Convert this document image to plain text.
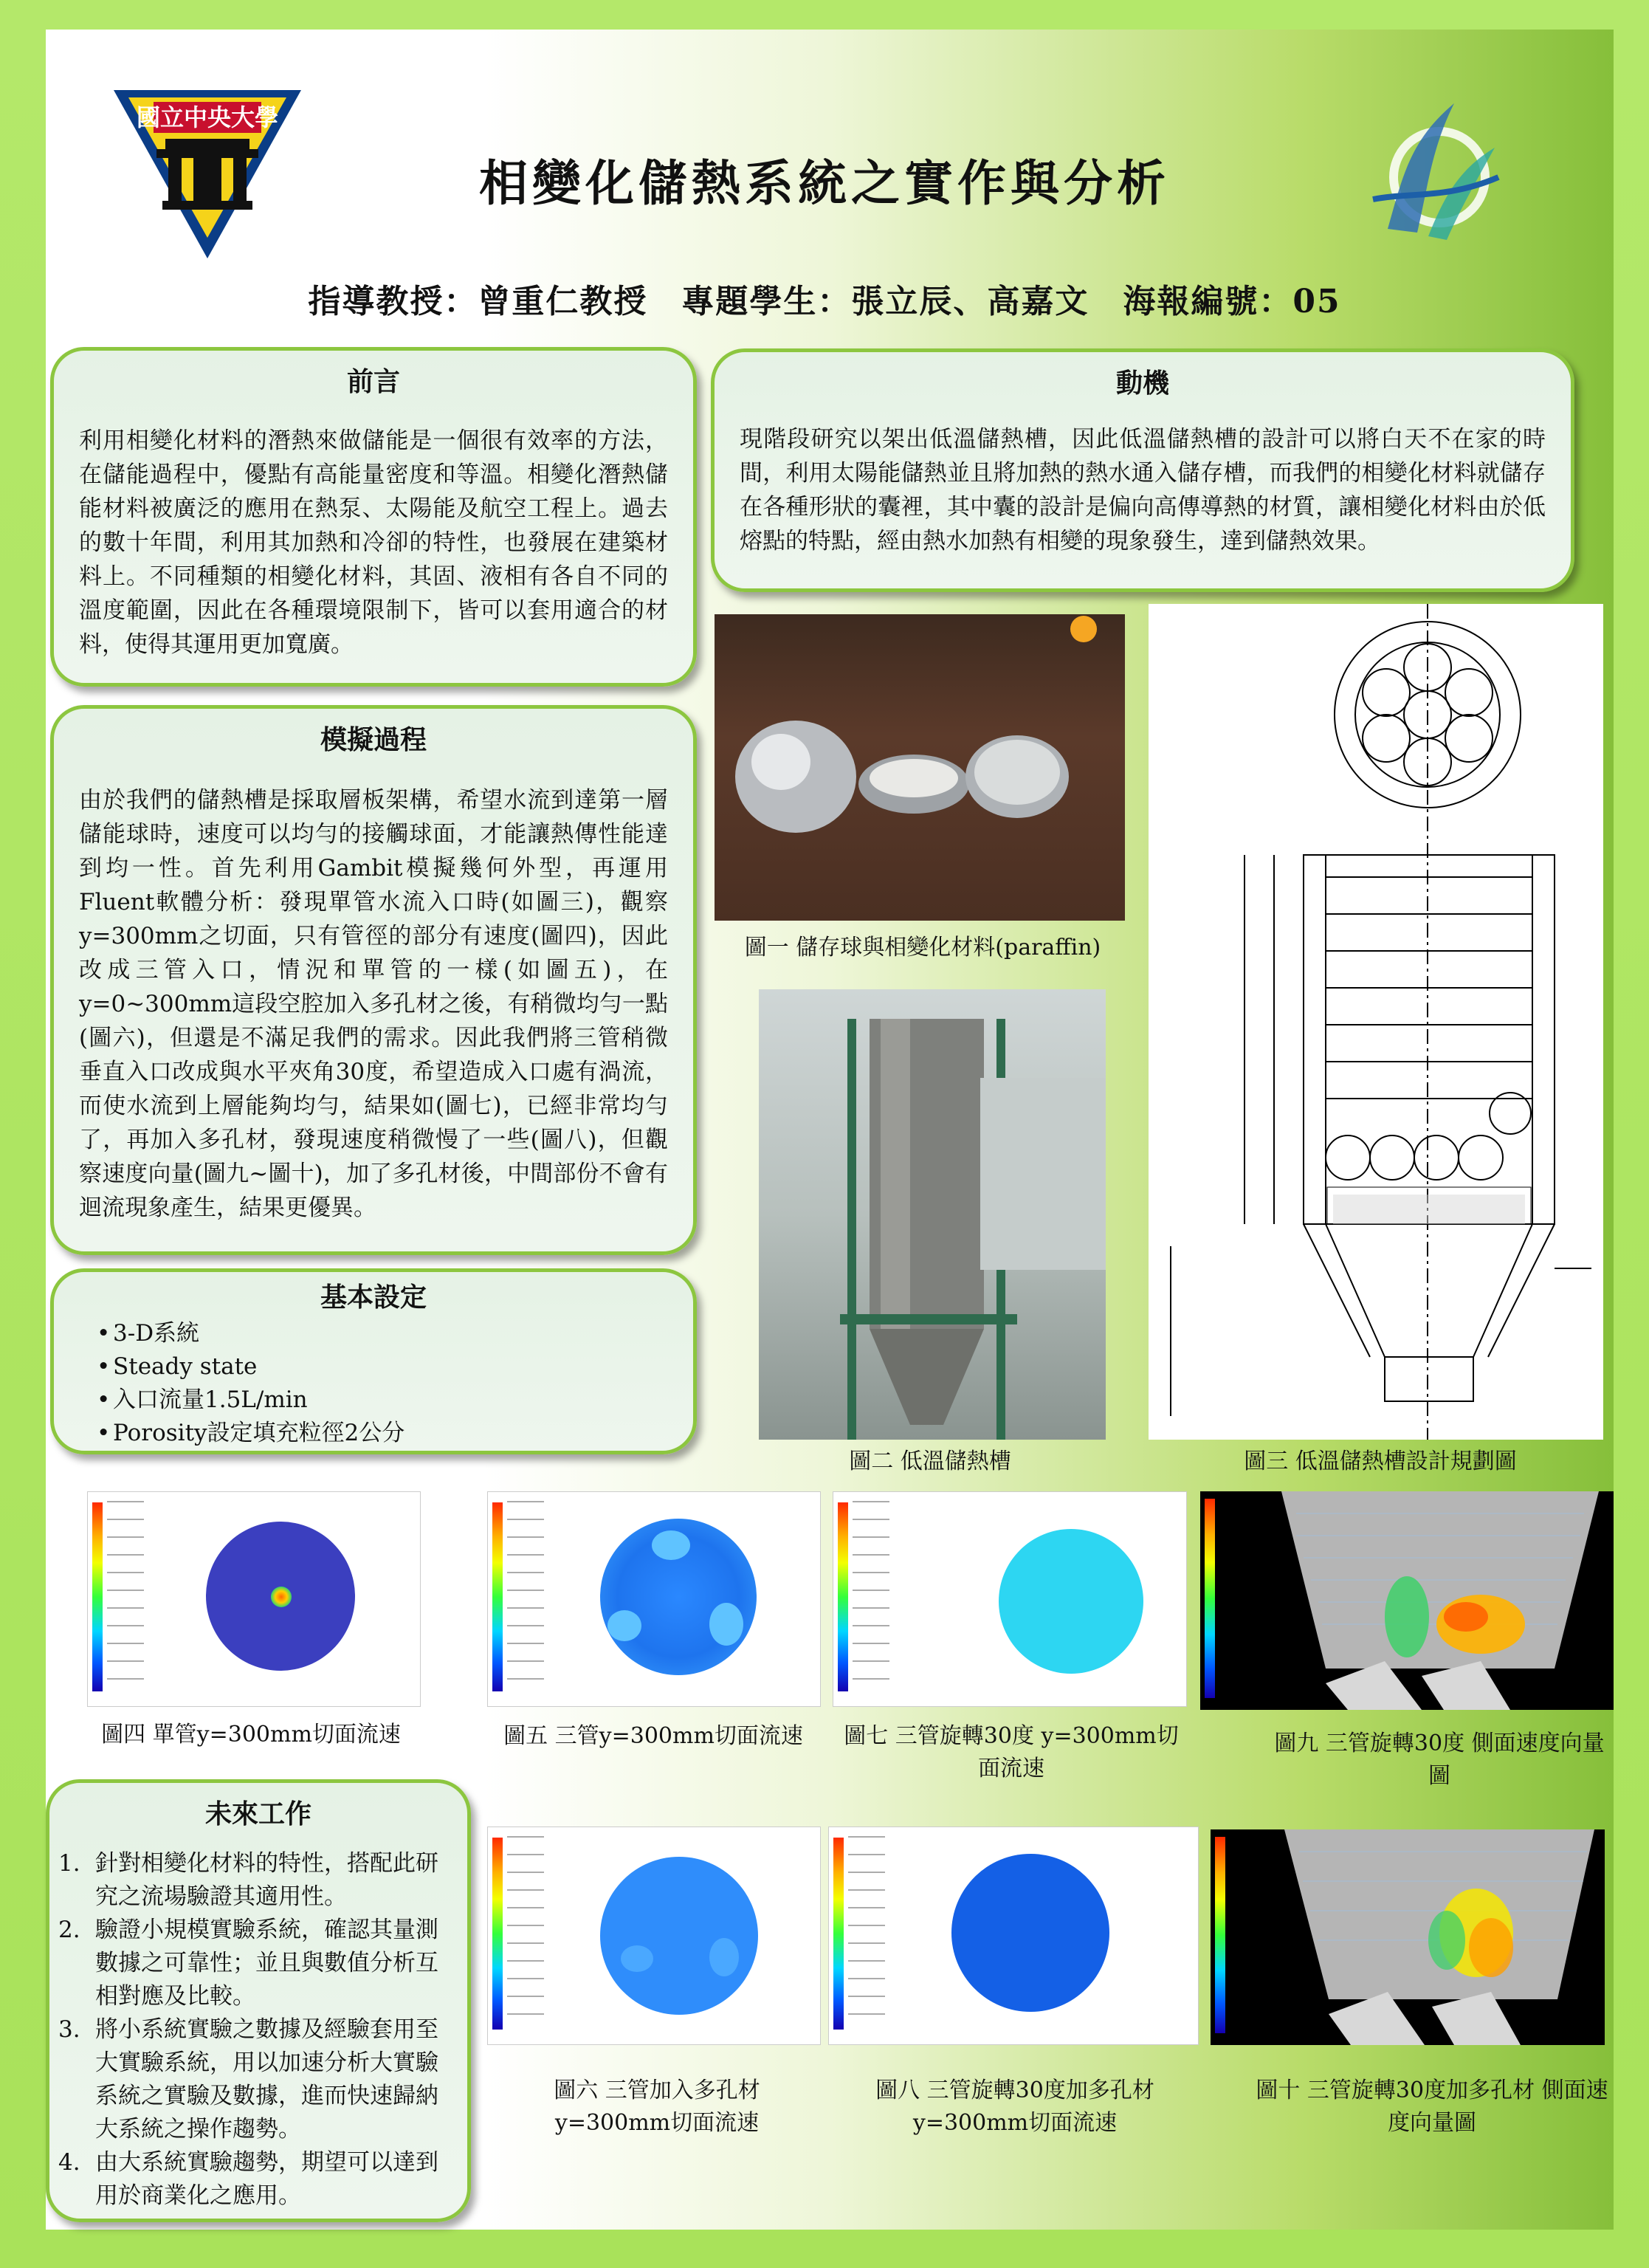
國立中央大學
相變化儲熱系統之實作與分析
指導教授：曾重仁教授　專題學生：張立辰、高嘉文　海報編號：05
前言
利用相變化材料的潛熱來做儲能是一個很有效率的方法，在儲能過程中，優點有高能量密度和等溫。相變化潛熱儲能材料被廣泛的應用在熱泵、太陽能及航空工程上。過去的數十年間，利用其加熱和冷卻的特性，也發展在建築材料上。不同種類的相變化材料，其固、液相有各自不同的溫度範圍，因此在各種環境限制下，皆可以套用適合的材料，使得其運用更加寬廣。
動機
現階段研究以架出低溫儲熱槽，因此低溫儲熱槽的設計可以將白天不在家的時間，利用太陽能儲熱並且將加熱的熱水通入儲存槽，而我們的相變化材料就儲存在各種形狀的囊裡，其中囊的設計是偏向高傳導熱的材質，讓相變化材料由於低熔點的特點，經由熱水加熱有相變的現象發生，達到儲熱效果。
模擬過程
由於我們的儲熱槽是採取層板架構，希望水流到達第一層儲能球時，速度可以均勻的接觸球面，才能讓熱傳性能達到均一性。首先利用Gambit模擬幾何外型，再運用Fluent軟體分析：發現單管水流入口時(如圖三)，觀察y=300mm之切面，只有管徑的部分有速度(圖四)，因此改成三管入口，情況和單管的一樣(如圖五)，在y=0~300mm這段空腔加入多孔材之後，有稍微均勻一點(圖六)，但還是不滿足我們的需求。因此我們將三管稍微垂直入口改成與水平夾角30度，希望造成入口處有渦流，而使水流到上層能夠均勻，結果如(圖七)，已經非常均勻了，再加入多孔材，發現速度稍微慢了一些(圖八)，但觀察速度向量(圖九~圖十)，加了多孔材後，中間部份不會有迴流現象產生，結果更優異。
基本設定
• 3-D系統
• Steady state
• 入口流量1.5L/min
• Porosity設定填充粒徑2公分
未來工作
針對相變化材料的特性，搭配此研究之流場驗證其適用性。
驗證小規模實驗系統，確認其量測數據之可靠性；並且與數值分析互相對應及比較。
將小系統實驗之數據及經驗套用至大實驗系統，用以加速分析大實驗系統之實驗及數據，進而快速歸納大系統之操作趨勢。
由大系統實驗趨勢，期望可以達到用於商業化之應用。
圖一 儲存球與相變化材料(paraffin)
圖二 低溫儲熱槽	圖三 低溫儲熱槽設計規劃圖
圖四 單管y=300mm切面流速	圖五 三管y=300mm切面流速	圖七 三管旋轉30度 y=300mm切面流速
圖九 三管旋轉30度 側面速度向量圖
圖六 三管加入多孔材 y=300mm切面流速
圖八 三管旋轉30度加多孔材 y=300mm切面流速
圖十 三管旋轉30度加多孔材 側面速度向量圖
